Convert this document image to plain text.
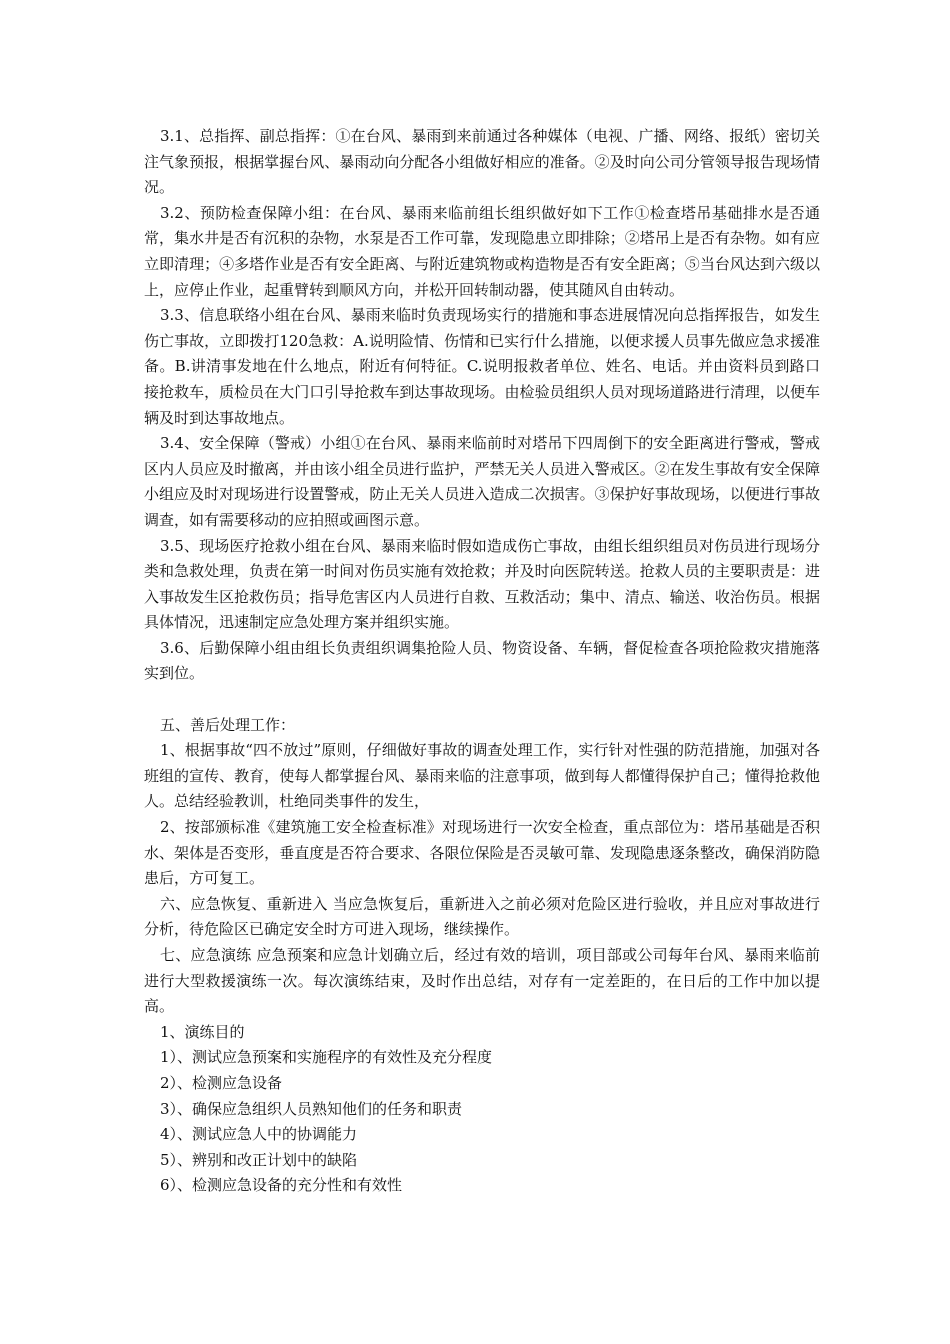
3.1、总指挥、副总指挥：①在台风、暴雨到来前通过各种媒体（电视、广播、网络、报纸）密切关注气象预报，根据掌握台风、暴雨动向分配各小组做好相应的准备。②及时向公司分管领导报告现场情况。

3.2、预防检查保障小组：在台风、暴雨来临前组长组织做好如下工作①检查塔吊基础排水是否通常，集水井是否有沉积的杂物，水泵是否工作可靠，发现隐患立即排除；②塔吊上是否有杂物。如有应立即清理；④多塔作业是否有安全距离、与附近建筑物或构造物是否有安全距离；⑤当台风达到六级以上，应停止作业，起重臂转到顺风方向，并松开回转制动器，使其随风自由转动。

3.3、信息联络小组在台风、暴雨来临时负责现场实行的措施和事态进展情况向总指挥报告，如发生伤亡事故，立即拨打120急救：A.说明险情、伤情和已实行什么措施，以便求援人员事先做应急求援准备。B.讲清事发地在什么地点，附近有何特征。C.说明报救者单位、姓名、电话。并由资料员到路口接抢救车，质检员在大门口引导抢救车到达事故现场。由检验员组织人员对现场道路进行清理，以便车辆及时到达事故地点。

3.4、安全保障（警戒）小组①在台风、暴雨来临前时对塔吊下四周倒下的安全距离进行警戒，警戒区内人员应及时撤离，并由该小组全员进行监护，严禁无关人员进入警戒区。②在发生事故有安全保障小组应及时对现场进行设置警戒，防止无关人员进入造成二次损害。③保护好事故现场，以便进行事故调查，如有需要移动的应拍照或画图示意。

3.5、现场医疗抢救小组在台风、暴雨来临时假如造成伤亡事故，由组长组织组员对伤员进行现场分类和急救处理，负责在第一时间对伤员实施有效抢救；并及时向医院转送。抢救人员的主要职责是：进入事故发生区抢救伤员；指导危害区内人员进行自救、互救活动；集中、清点、输送、收治伤员。根据具体情况，迅速制定应急处理方案并组织实施。

3.6、后勤保障小组由组长负责组织调集抢险人员、物资设备、车辆，督促检查各项抢险救灾措施落实到位。

五、善后处理工作：

1、根据事故“四不放过”原则，仔细做好事故的调查处理工作，实行针对性强的防范措施，加强对各班组的宣传、教育，使每人都掌握台风、暴雨来临的注意事项，做到每人都懂得保护自己；懂得抢救他人。总结经验教训，杜绝同类事件的发生，

2、按部颁标准《建筑施工安全检查标准》对现场进行一次安全检查，重点部位为：塔吊基础是否积水、架体是否变形，垂直度是否符合要求、各限位保险是否灵敏可靠、发现隐患逐条整改，确保消防隐患后，方可复工。

六、应急恢复、重新进入 当应急恢复后，重新进入之前必须对危险区进行验收，并且应对事故进行分析，待危险区已确定安全时方可进入现场，继续操作。

七、应急演练 应急预案和应急计划确立后，经过有效的培训，项目部或公司每年台风、暴雨来临前进行大型救援演练一次。每次演练结束，及时作出总结，对存有一定差距的，在日后的工作中加以提高。

1、演练目的

1）、测试应急预案和实施程序的有效性及充分程度

2）、检测应急设备

3）、确保应急组织人员熟知他们的任务和职责

4）、测试应急人中的协调能力

5）、辨别和改正计划中的缺陷

6）、检测应急设备的充分性和有效性
